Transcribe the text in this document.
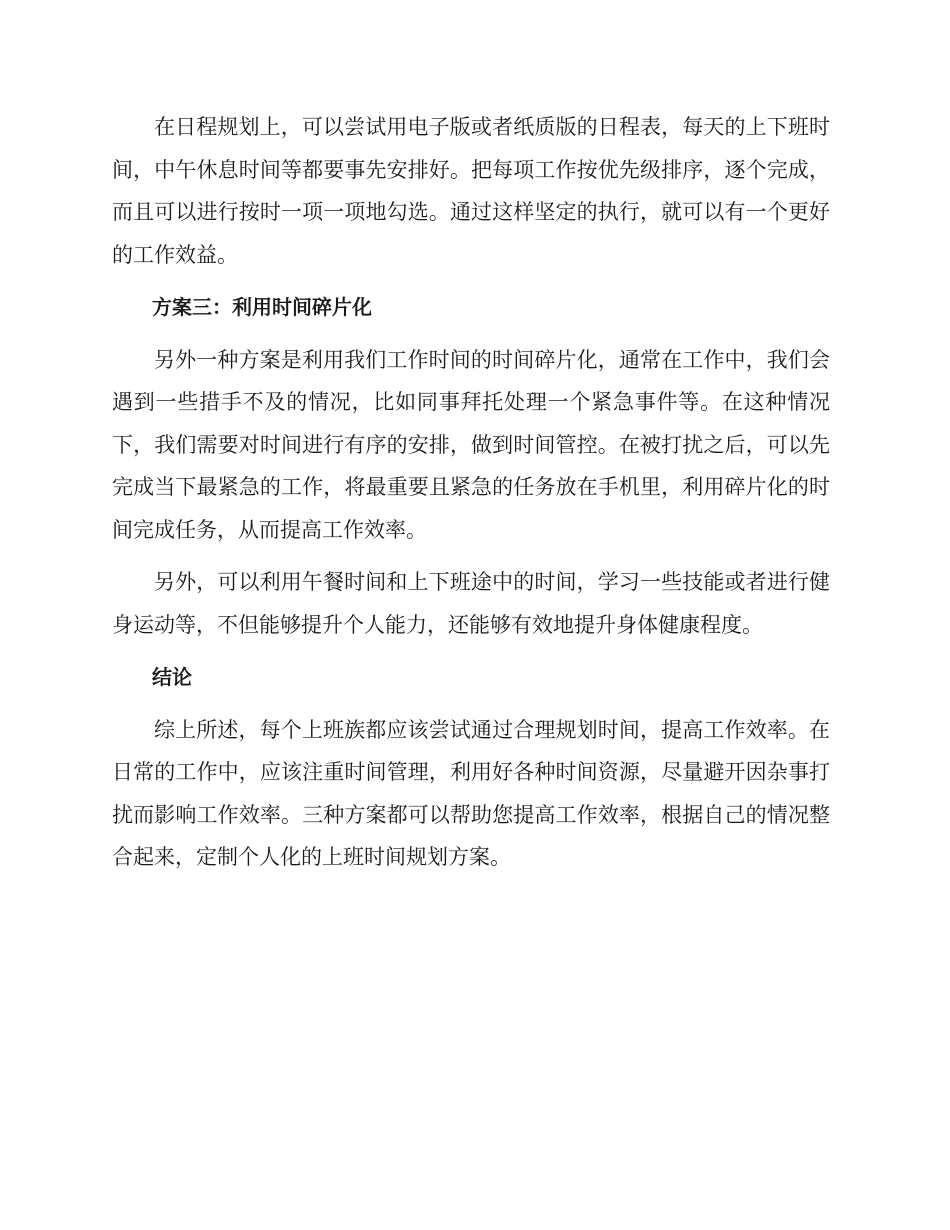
在日程规划上，可以尝试用电子版或者纸质版的日程表，每天的上下班时间，中午休息时间等都要事先安排好。把每项工作按优先级排序，逐个完成，而且可以进行按时一项一项地勾选。通过这样坚定的执行，就可以有一个更好的工作效益。

方案三：利用时间碎片化

另外一种方案是利用我们工作时间的时间碎片化，通常在工作中，我们会遇到一些措手不及的情况，比如同事拜托处理一个紧急事件等。在这种情况下，我们需要对时间进行有序的安排，做到时间管控。在被打扰之后，可以先完成当下最紧急的工作，将最重要且紧急的任务放在手机里，利用碎片化的时间完成任务，从而提高工作效率。

另外，可以利用午餐时间和上下班途中的时间，学习一些技能或者进行健身运动等，不但能够提升个人能力，还能够有效地提升身体健康程度。

结论

综上所述，每个上班族都应该尝试通过合理规划时间，提高工作效率。在日常的工作中，应该注重时间管理，利用好各种时间资源，尽量避开因杂事打扰而影响工作效率。三种方案都可以帮助您提高工作效率，根据自己的情况整合起来，定制个人化的上班时间规划方案。
